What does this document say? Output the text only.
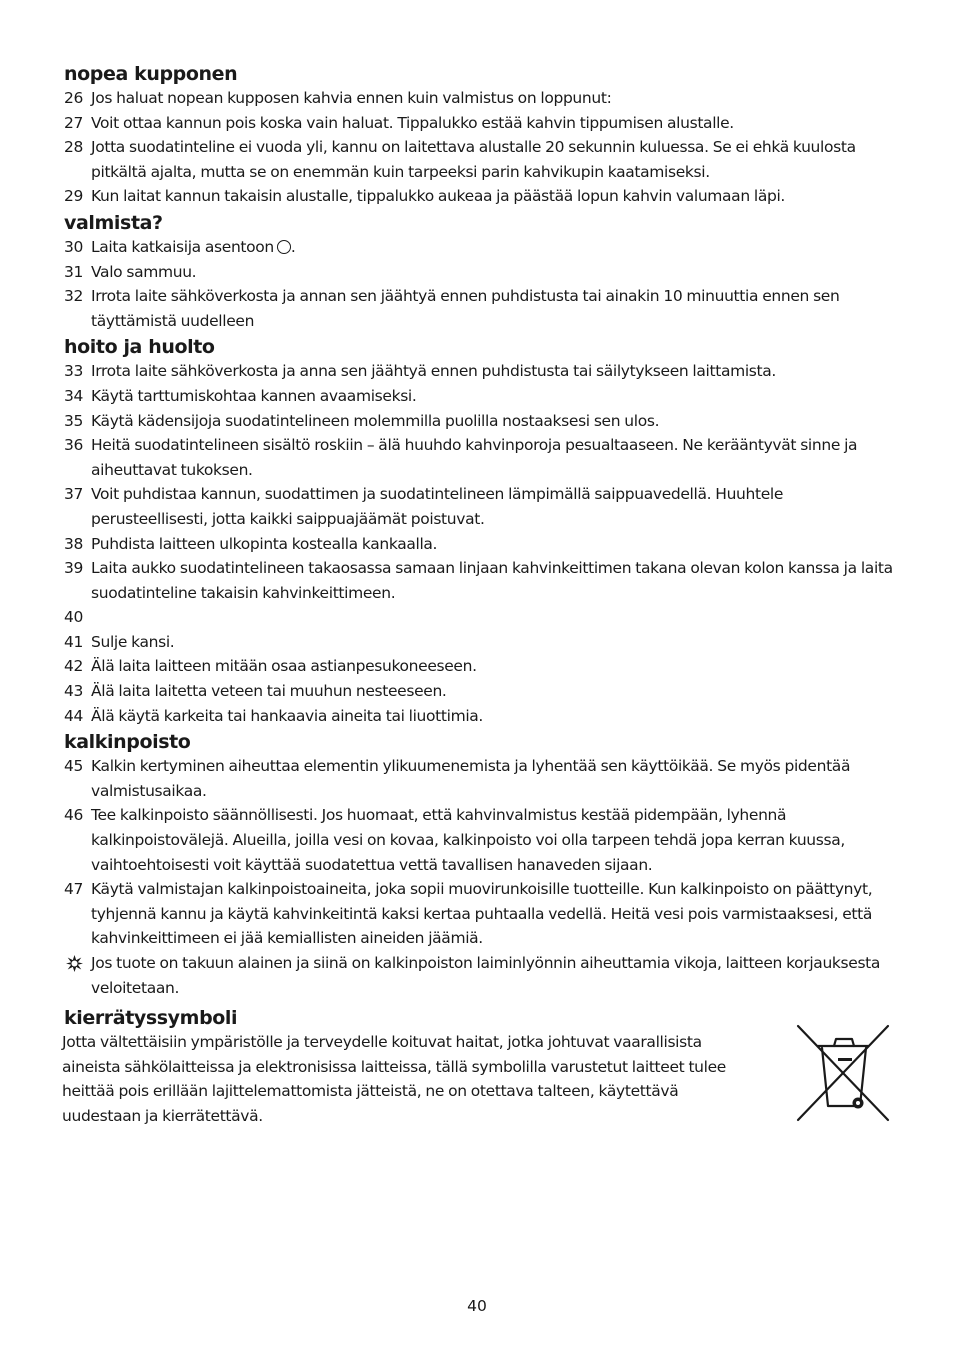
nopea kupponen
26 Jos haluat nopean kupposen kahvia ennen kuin valmistus on loppunut:
27 Voit ottaa kannun pois koska vain haluat. Tippalukko estää kahvin tippumisen alustalle.
28 Jotta suodatinteline ei vuoda yli, kannu on laitettava alustalle 20 sekunnin kuluessa. Se ei ehkä kuulosta pitkältä ajalta, mutta se on enemmän kuin tarpeeksi parin kahvikupin kaatamiseksi.
29 Kun laitat kannun takaisin alustalle, tippalukko aukeaa ja päästää lopun kahvin valumaan läpi.
valmista?
30 Laita katkaisija asentoon .
31 Valo sammuu.
32 Irrota laite sähköverkosta ja annan sen jäähtyä ennen puhdistusta tai ainakin 10 minuuttia ennen sen täyttämistä uudelleen
hoito ja huolto
33 Irrota laite sähköverkosta ja anna sen jäähtyä ennen puhdistusta tai säilytykseen laittamista.
34 Käytä tarttumiskohtaa kannen avaamiseksi.
35 Käytä kädensijoja suodatintelineen molemmilla puolilla nostaaksesi sen ulos.
36 Heitä suodatintelineen sisältö roskiin – älä huuhdo kahvinporoja pesualtaaseen. Ne kerääntyvät sinne ja aiheuttavat tukoksen.
37 Voit puhdistaa kannun, suodattimen ja suodatintelineen lämpimällä saippuavedellä. Huuhtele perusteellisesti, jotta kaikki saippuajäämät poistuvat.
38 Puhdista laitteen ulkopinta kostealla kankaalla.
39 Laita aukko suodatintelineen takaosassa samaan linjaan kahvinkeittimen takana olevan kolon kanssa ja laita suodatinteline takaisin kahvinkeittimeen.
40
41 Sulje kansi.
42 Älä laita laitteen mitään osaa astianpesukoneeseen.
43 Älä laita laitetta veteen tai muuhun nesteeseen.
44 Älä käytä karkeita tai hankaavia aineita tai liuottimia.
kalkinpoisto
45 Kalkin kertyminen aiheuttaa elementin ylikuumenemista ja lyhentää sen käyttöikää. Se myös pidentää valmistusaikaa.
46 Tee kalkinpoisto säännöllisesti. Jos huomaat, että kahvinvalmistus kestää pidempään, lyhennä kalkinpoistovälejä. Alueilla, joilla vesi on kovaa, kalkinpoisto voi olla tarpeen tehdä jopa kerran kuussa, vaihtoehtoisesti voit käyttää suodatettua vettä tavallisen hanaveden sijaan.
47 Käytä valmistajan kalkinpoistoaineita, joka sopii muovirunkoisille tuotteille. Kun kalkinpoisto on päättynyt, tyhjennä kannu ja käytä kahvinkeitintä kaksi kertaa puhtaalla vedellä. Heitä vesi pois varmistaaksesi, että kahvinkeittimeen ei jää kemiallisten aineiden jäämiä.
Jos tuote on takuun alainen ja siinä on kalkinpoiston laiminlyönnin aiheuttamia vikoja, laitteen korjauksesta veloitetaan.
kierrätyssymboli
Jotta vältettäisiin ympäristölle ja terveydelle koituvat haitat, jotka johtuvat vaarallisista aineista sähkölaitteissa ja elektronisissa laitteissa, tällä symbolilla varustetut laitteet tulee heittää pois erillään lajittelemattomista jätteistä, ne on otettava talteen, käytettävä uudestaan ja kierrätettävä.
40
